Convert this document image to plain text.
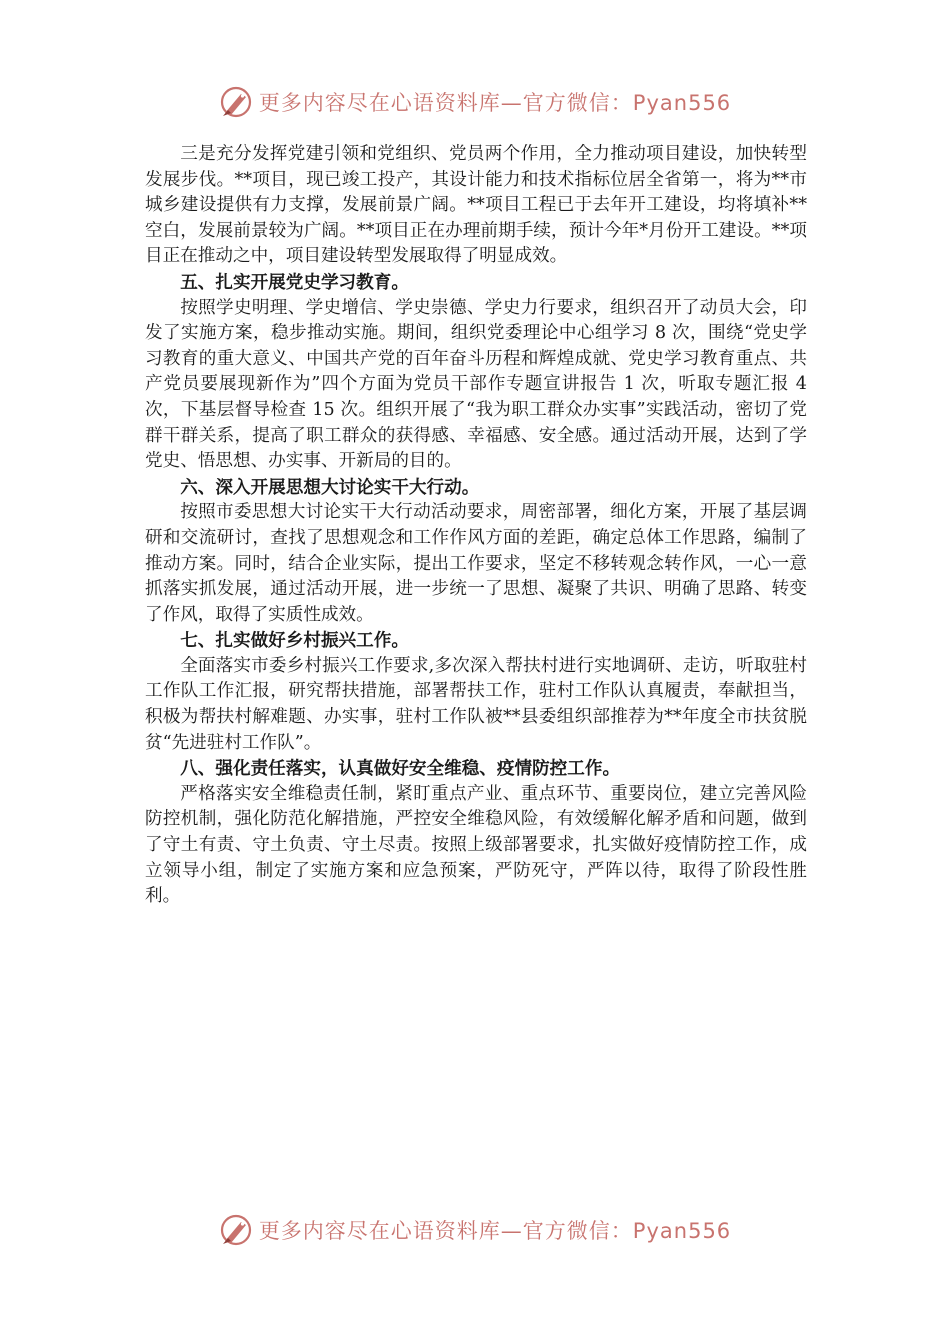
更多内容尽在心语资料库—官方微信：Pyan556

三是充分发挥党建引领和党组织、党员两个作用，全力推动项目建设，加快转型发展步伐。**项目，现已竣工投产，其设计能力和技术指标位居全省第一，将为**市城乡建设提供有力支撑，发展前景广阔。**项目工程已于去年开工建设，均将填补**空白，发展前景较为广阔。**项目正在办理前期手续，预计今年*月份开工建设。**项目正在推动之中，项目建设转型发展取得了明显成效。

五、扎实开展党史学习教育。

按照学史明理、学史增信、学史崇德、学史力行要求，组织召开了动员大会，印发了实施方案，稳步推动实施。期间，组织党委理论中心组学习 8 次，围绕“党史学习教育的重大意义、中国共产党的百年奋斗历程和辉煌成就、党史学习教育重点、共产党员要展现新作为”四个方面为党员干部作专题宣讲报告 1 次，听取专题汇报 4 次，下基层督导检查 15 次。组织开展了“我为职工群众办实事”实践活动，密切了党群干群关系，提高了职工群众的获得感、幸福感、安全感。通过活动开展，达到了学党史、悟思想、办实事、开新局的目的。

六、深入开展思想大讨论实干大行动。

按照市委思想大讨论实干大行动活动要求，周密部署，细化方案，开展了基层调研和交流研讨，查找了思想观念和工作作风方面的差距，确定总体工作思路，编制了推动方案。同时，结合企业实际，提出工作要求，坚定不移转观念转作风，一心一意抓落实抓发展，通过活动开展，进一步统一了思想、凝聚了共识、明确了思路、转变了作风，取得了实质性成效。

七、扎实做好乡村振兴工作。

全面落实市委乡村振兴工作要求,多次深入帮扶村进行实地调研、走访，听取驻村工作队工作汇报，研究帮扶措施，部署帮扶工作，驻村工作队认真履责，奉献担当，积极为帮扶村解难题、办实事，驻村工作队被**县委组织部推荐为**年度全市扶贫脱贫“先进驻村工作队”。

八、强化责任落实，认真做好安全维稳、疫情防控工作。

严格落实安全维稳责任制，紧盯重点产业、重点环节、重要岗位，建立完善风险防控机制，强化防范化解措施，严控安全维稳风险，有效缓解化解矛盾和问题，做到了守土有责、守土负责、守土尽责。按照上级部署要求，扎实做好疫情防控工作，成立领导小组，制定了实施方案和应急预案，严防死守，严阵以待，取得了阶段性胜利。

更多内容尽在心语资料库—官方微信：Pyan556
